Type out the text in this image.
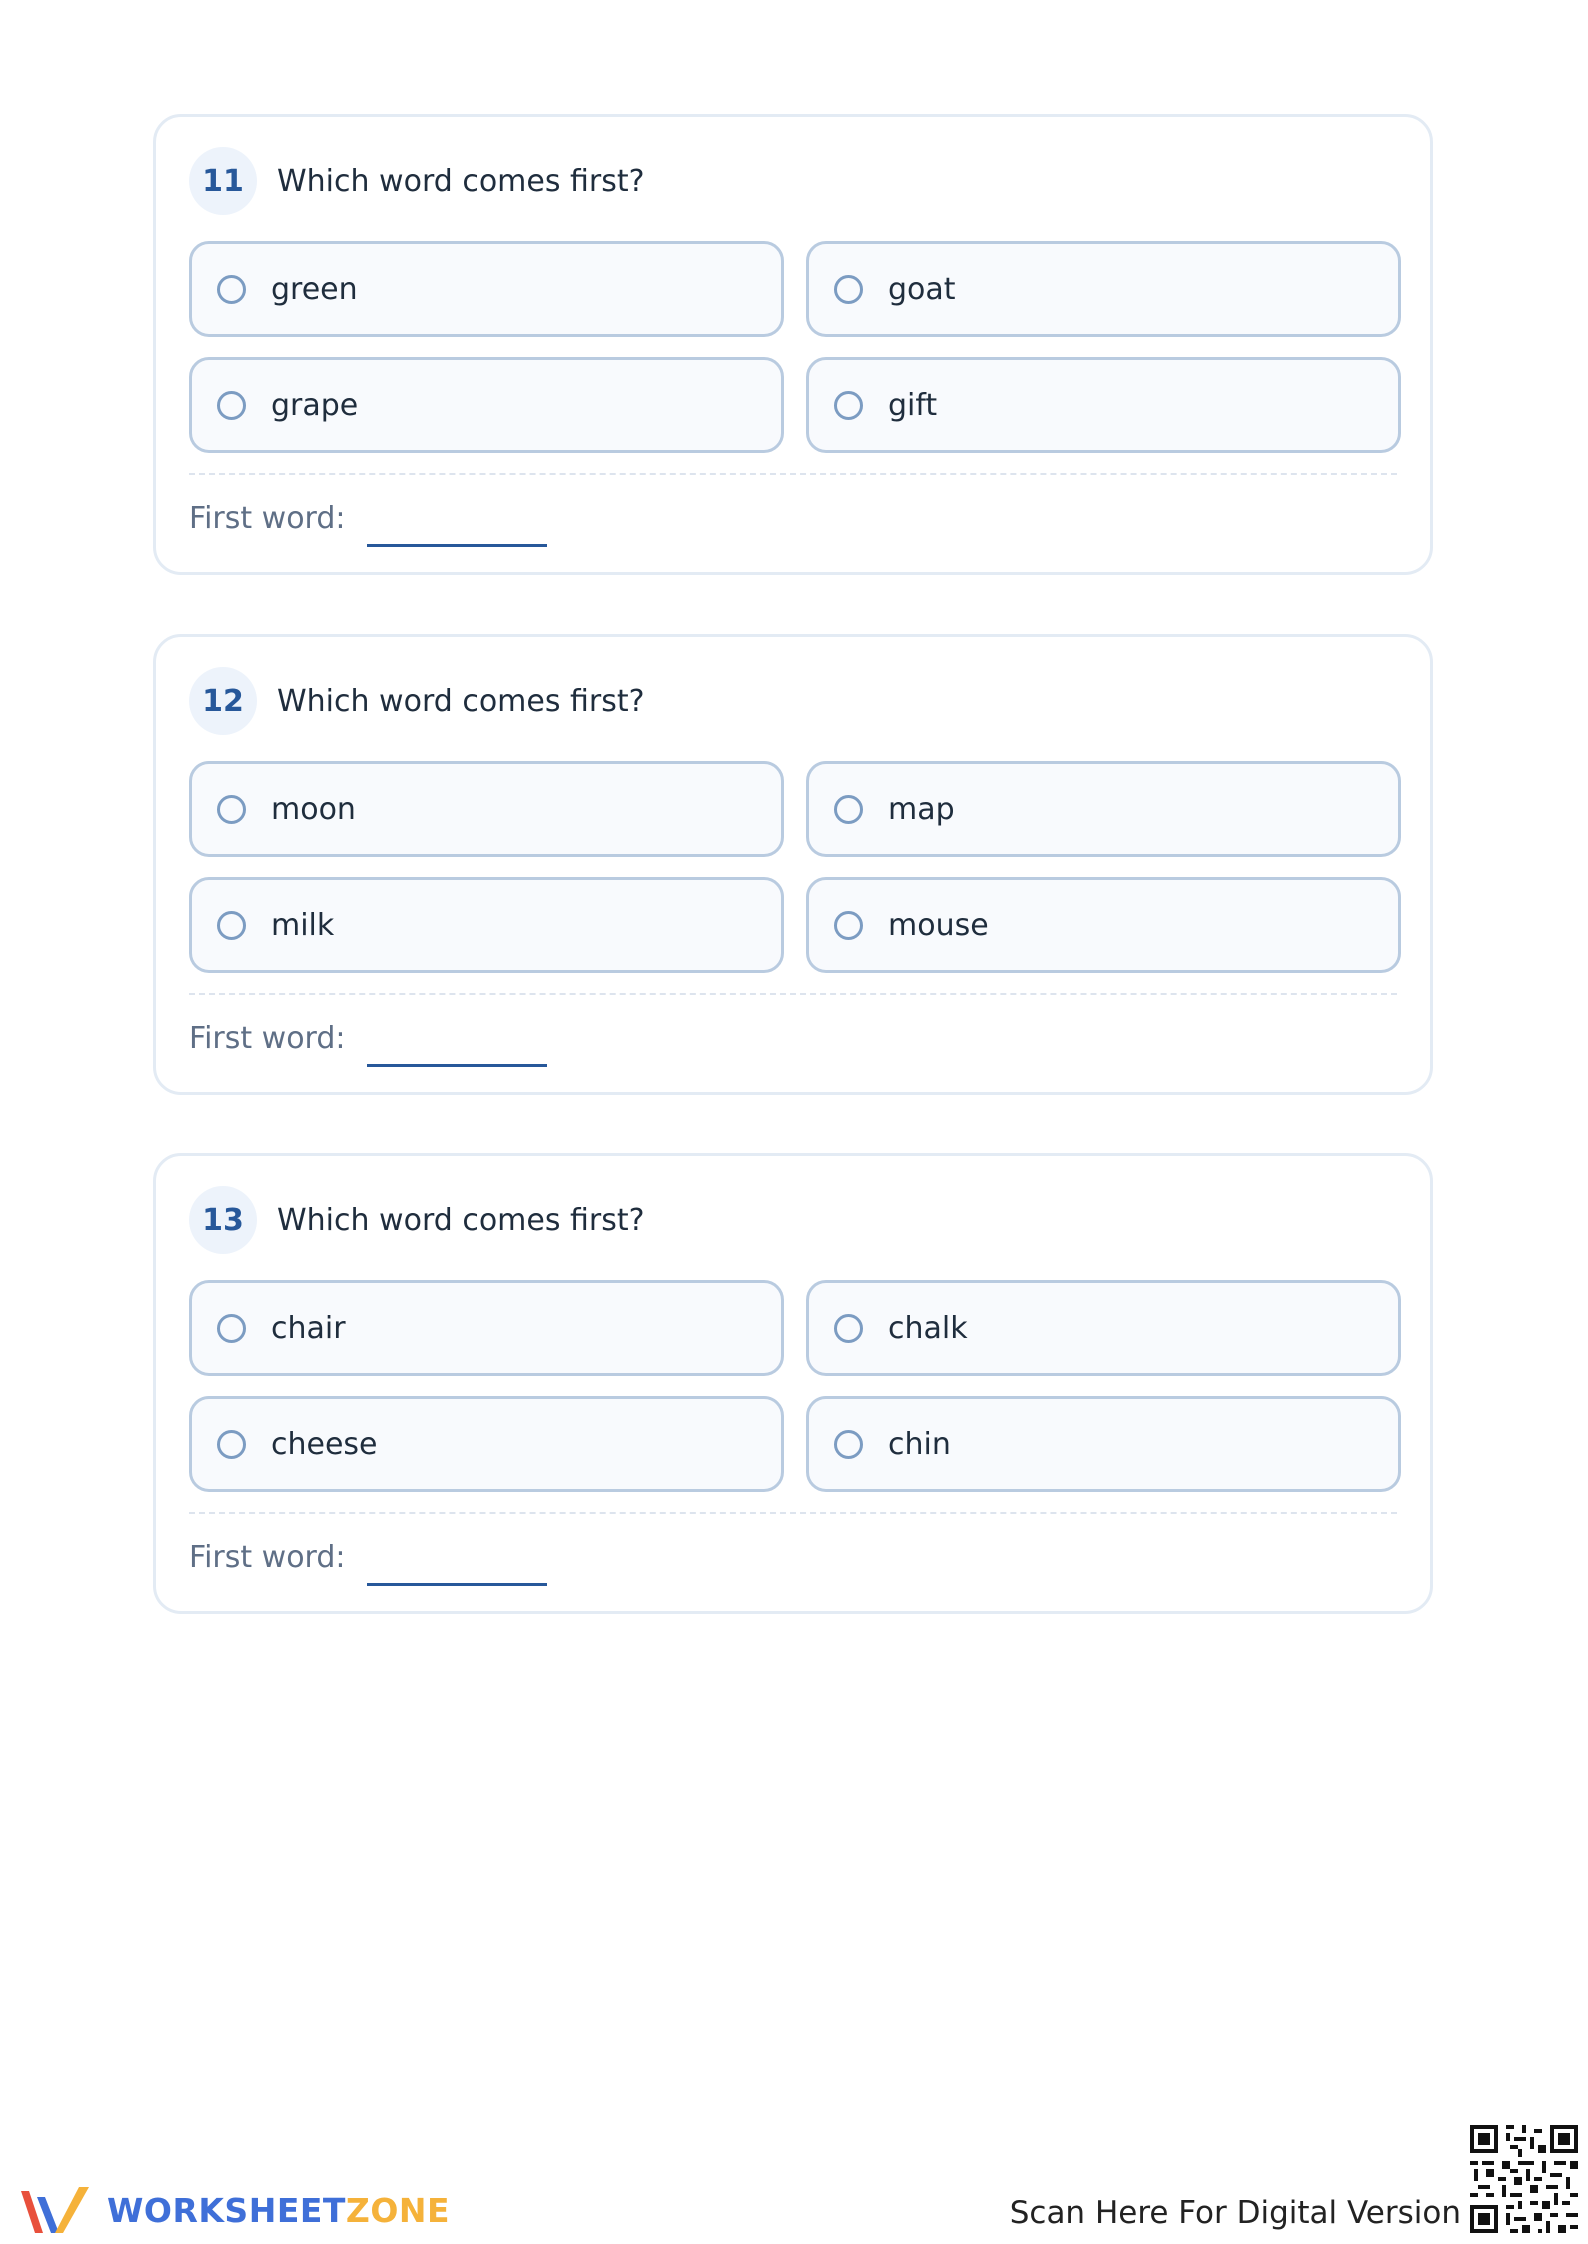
11	Which word comes first?
green	goat
grape	gift
First word:
12	Which word comes first?
moon	map
milk	mouse
First word:
13	Which word comes first?
chair	chalk
cheese	chin
First word:
WORKSHEETZONE	Scan Here For Digital Version
